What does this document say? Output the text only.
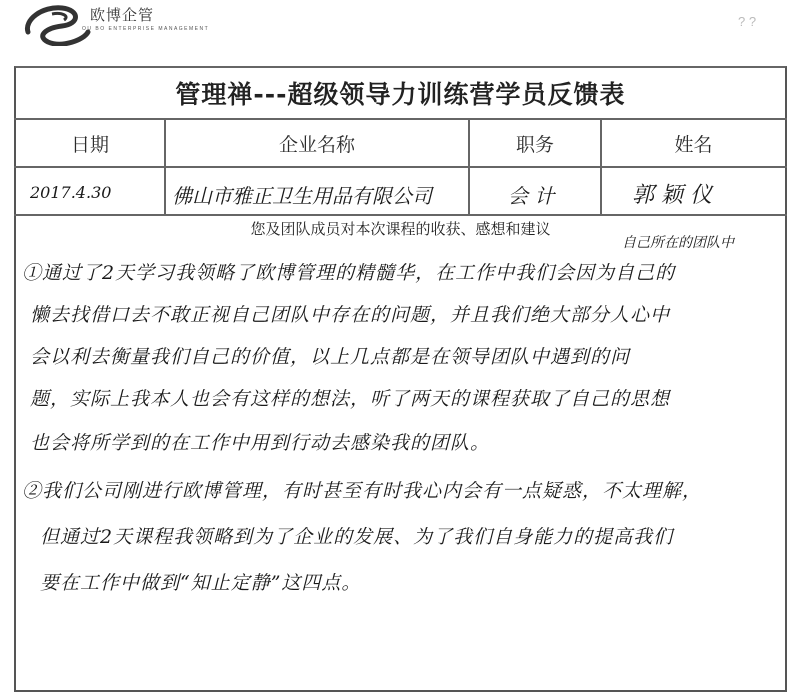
欧博企管
OU BO ENTERPRISE MANAGEMENT	? ?
管理禅---超级领导力训练营学员反馈表
日期	企业名称	职务	姓名
2017.4.30	佛山市雅正卫生用品有限公司	会 计	郭 颖 仪
您及团队成员对本次课程的收获、感想和建议
自己所在的团队中
①通过了2天学习我领略了欧博管理的精髓华，在工作中我们会因为自己的
懒去找借口去不敢正视自己团队中存在的问题，并且我们绝大部分人心中
会以利去衡量我们自己的价值，以上几点都是在领导团队中遇到的问
题，实际上我本人也会有这样的想法，听了两天的课程获取了自己的思想
也会将所学到的在工作中用到行动去感染我的团队。
②我们公司刚进行欧博管理，有时甚至有时我心内会有一点疑惑，不太理解，
但通过2天课程我领略到为了企业的发展、为了我们自身能力的提高我们
要在工作中做到“知止定静”这四点。
